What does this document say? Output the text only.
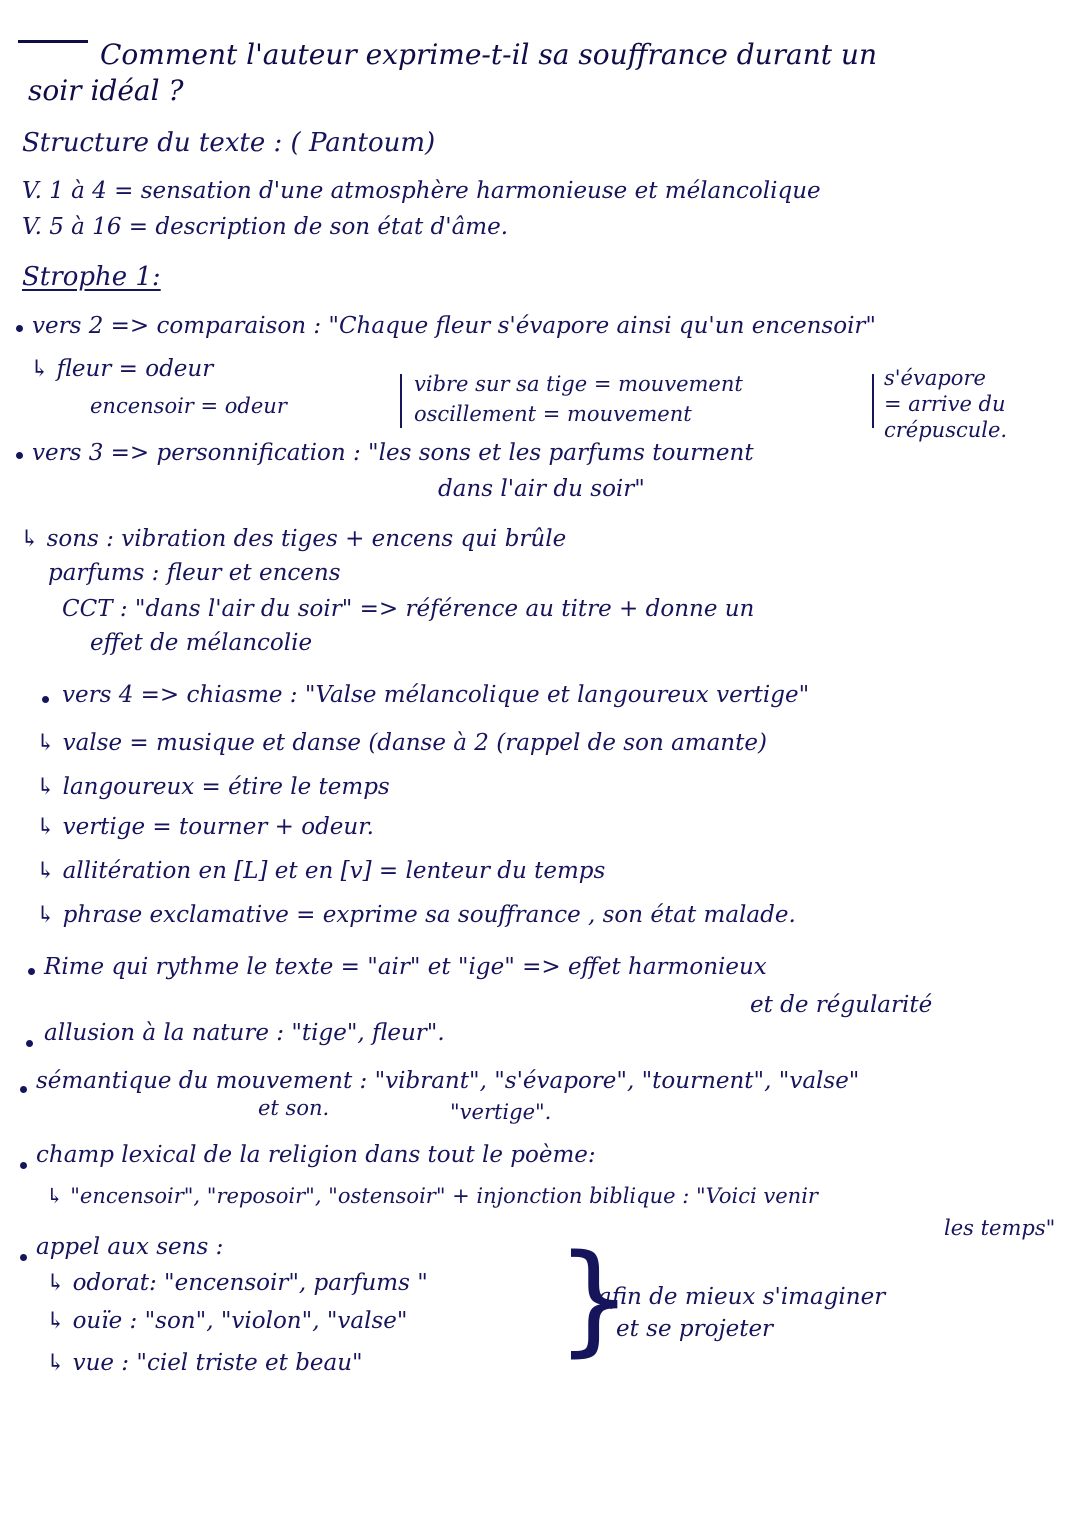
Comment l'auteur exprime-t-il sa souffrance durant un
soir idéal ?
Structure du texte : ( Pantoum)
V. 1 à 4 = sensation d'une atmosphère harmonieuse et mélancolique
V. 5 à 16 = description de son état d'âme.
Strophe 1:
vers 2 => comparaison : "Chaque fleur s'évapore ainsi qu'un encensoir"
↳ fleur = odeur
encensoir = odeur
vibre sur sa tige = mouvement
oscillement = mouvement
s'évapore
= arrive du
crépuscule.
vers 3 => personnification : "les sons et les parfums tournent
dans l'air du soir"
↳ sons : vibration des tiges + encens qui brûle
parfums : fleur et encens
CCT : "dans l'air du soir" => référence au titre + donne un
effet de mélancolie
vers 4 => chiasme : "Valse mélancolique et langoureux vertige"
↳ valse = musique et danse (danse à 2 (rappel de son amante)
↳ langoureux = étire le temps
↳ vertige = tourner + odeur.
↳ allitération en [L] et en [v] = lenteur du temps
↳ phrase exclamative = exprime sa souffrance , son état malade.
Rime qui rythme le texte = "air" et "ige" => effet harmonieux
et de régularité
allusion à la nature : "tige", fleur".
sémantique du mouvement : "vibrant", "s'évapore", "tournent", "valse"
et son.	"vertige".
champ lexical de la religion dans tout le poème:
↳ "encensoir", "reposoir", "ostensoir" + injonction biblique : "Voici venir
les temps"
appel aux sens :
↳ odorat: "encensoir", parfums "
↳ ouïe : "son", "violon", "valse"
↳ vue : "ciel triste et beau" }
afin de mieux s'imaginer
et se projeter
